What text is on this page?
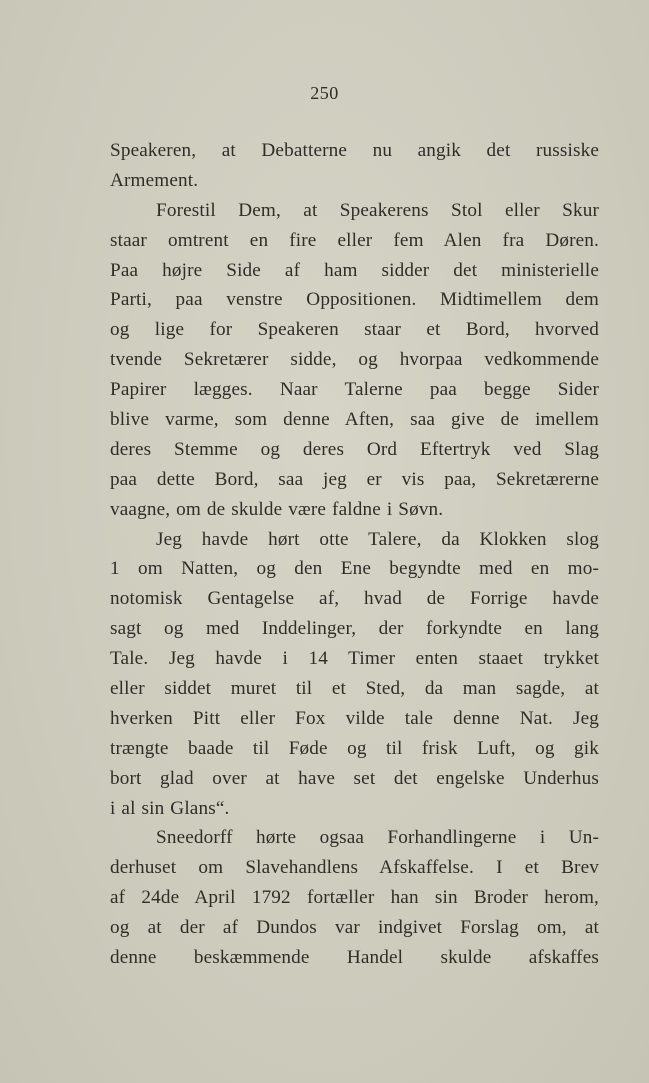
250
Speakeren, at Debatterne nu angik det russiske
Armement.
Forestil Dem, at Speakerens Stol eller Skur
staar omtrent en fire eller fem Alen fra Døren.
Paa højre Side af ham sidder det ministerielle
Parti, paa venstre Oppositionen. Midtimellem dem
og lige for Speakeren staar et Bord, hvorved
tvende Sekretærer sidde, og hvorpaa vedkommende
Papirer lægges. Naar Talerne paa begge Sider
blive varme, som denne Aften, saa give de imellem
deres Stemme og deres Ord Eftertryk ved Slag
paa dette Bord, saa jeg er vis paa, Sekretærerne
vaagne, om de skulde være faldne i Søvn.
Jeg havde hørt otte Talere, da Klokken slog
1 om Natten, og den Ene begyndte med en mo-
notomisk Gentagelse af, hvad de Forrige havde
sagt og med Inddelinger, der forkyndte en lang
Tale. Jeg havde i 14 Timer enten staaet trykket
eller siddet muret til et Sted, da man sagde, at
hverken Pitt eller Fox vilde tale denne Nat. Jeg
trængte baade til Føde og til frisk Luft, og gik
bort glad over at have set det engelske Underhus
i al sin Glans“.
Sneedorff hørte ogsaa Forhandlingerne i Un-
derhuset om Slavehandlens Afskaffelse. I et Brev
af 24de April 1792 fortæller han sin Broder herom,
og at der af Dundos var indgivet Forslag om, at
denne beskæmmende Handel skulde afskaffes
